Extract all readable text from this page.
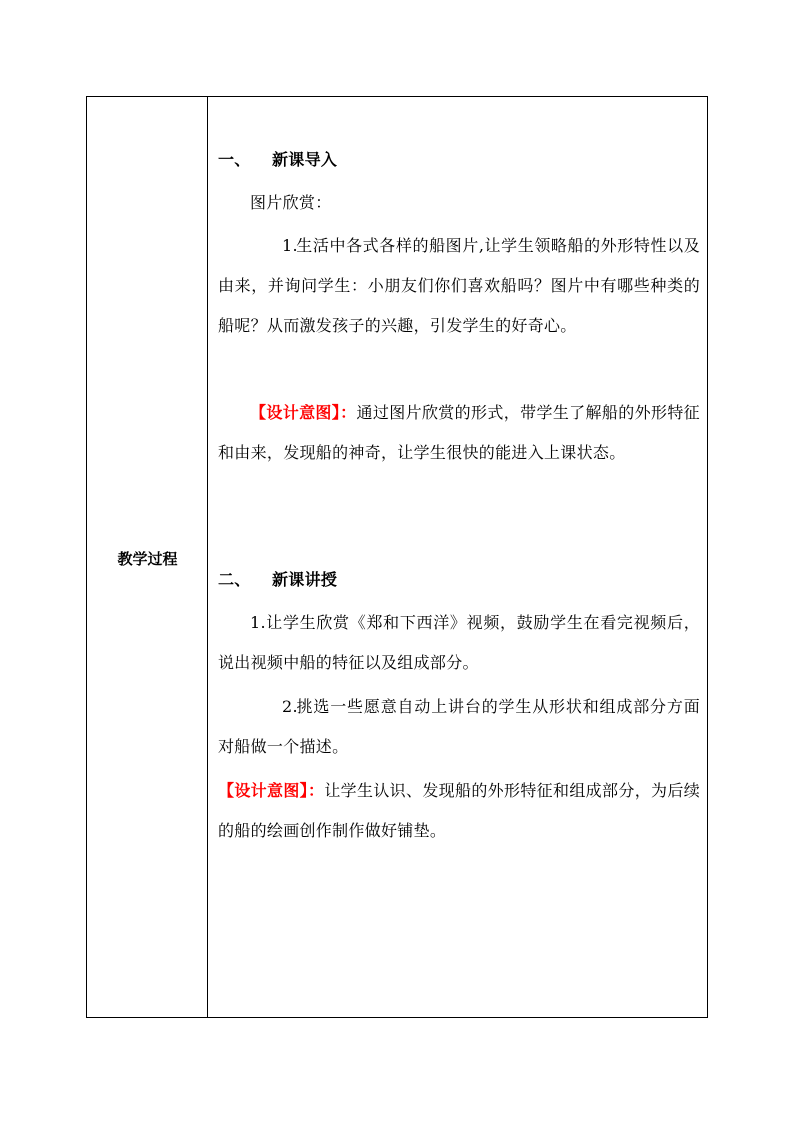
教学过程
一、 新课导入
图片欣赏：
1.生活中各式各样的船图片,让学生领略船的外形特性以及由来，并询问学生：小朋友们你们喜欢船吗？图片中有哪些种类的船呢？从而激发孩子的兴趣，引发学生的好奇心。
【设计意图】：通过图片欣赏的形式，带学生了解船的外形特征和由来，发现船的神奇，让学生很快的能进入上课状态。
二、 新课讲授
1.让学生欣赏《郑和下西洋》视频，鼓励学生在看完视频后，说出视频中船的特征以及组成部分。
2.挑选一些愿意自动上讲台的学生从形状和组成部分方面对船做一个描述。
【设计意图】：让学生认识、发现船的外形特征和组成部分，为后续的船的绘画创作制作做好铺垫。
